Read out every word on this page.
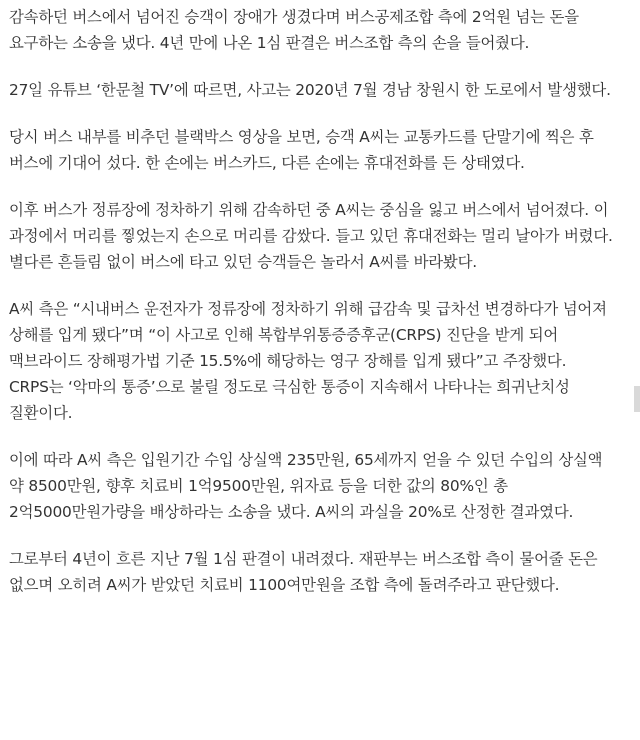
감속하던 버스에서 넘어진 승객이 장애가 생겼다며 버스공제조합 측에 2억원 넘는 돈을 요구하는 소송을 냈다. 4년 만에 나온 1심 판결은 버스조합 측의 손을 들어줬다.

27일 유튜브 ‘한문철 TV’에 따르면, 사고는 2020년 7월 경남 창원시 한 도로에서 발생했다.

당시 버스 내부를 비추던 블랙박스 영상을 보면, 승객 A씨는 교통카드를 단말기에 찍은 후 버스에 기대어 섰다. 한 손에는 버스카드, 다른 손에는 휴대전화를 든 상태였다.

이후 버스가 정류장에 정차하기 위해 감속하던 중 A씨는 중심을 잃고 버스에서 넘어졌다. 이 과정에서 머리를 찧었는지 손으로 머리를 감쌌다. 들고 있던 휴대전화는 멀리 날아가 버렸다. 별다른 흔들림 없이 버스에 타고 있던 승객들은 놀라서 A씨를 바라봤다.

A씨 측은 “시내버스 운전자가 정류장에 정차하기 위해 급감속 및 급차선 변경하다가 넘어져 상해를 입게 됐다”며 “이 사고로 인해 복합부위통증증후군(CRPS) 진단을 받게 되어 맥브라이드 장해평가법 기준 15.5%에 해당하는 영구 장해를 입게 됐다”고 주장했다. CRPS는 ‘악마의 통증’으로 불릴 정도로 극심한 통증이 지속해서 나타나는 희귀난치성 질환이다.

이에 따라 A씨 측은 입원기간 수입 상실액 235만원, 65세까지 얻을 수 있던 수입의 상실액 약 8500만원, 향후 치료비 1억9500만원, 위자료 등을 더한 값의 80%인 총 2억5000만원가량을 배상하라는 소송을 냈다. A씨의 과실을 20%로 산정한 결과였다.

그로부터 4년이 흐른 지난 7월 1심 판결이 내려졌다. 재판부는 버스조합 측이 물어줄 돈은 없으며 오히려 A씨가 받았던 치료비 1100여만원을 조합 측에 돌려주라고 판단했다.
